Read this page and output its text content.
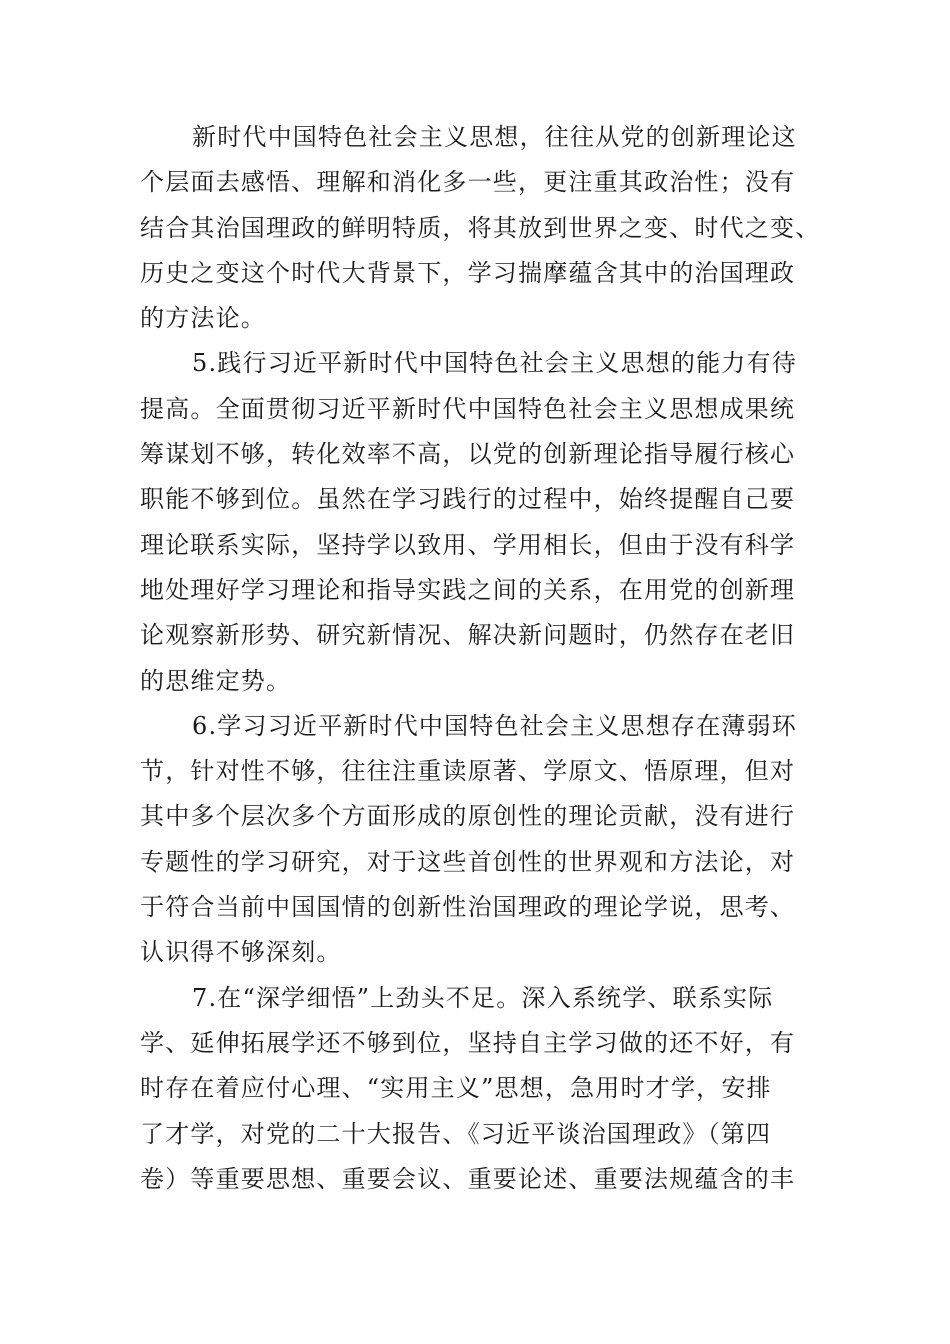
新时代中国特色社会主义思想，往往从党的创新理论这
个层面去感悟、理解和消化多一些，更注重其政治性；没有
结合其治国理政的鲜明特质，将其放到世界之变、时代之变、
历史之变这个时代大背景下，学习揣摩蕴含其中的治国理政
的方法论。
5.践行习近平新时代中国特色社会主义思想的能力有待
提高。全面贯彻习近平新时代中国特色社会主义思想成果统
筹谋划不够，转化效率不高，以党的创新理论指导履行核心
职能不够到位。虽然在学习践行的过程中，始终提醒自己要
理论联系实际，坚持学以致用、学用相长，但由于没有科学
地处理好学习理论和指导实践之间的关系，在用党的创新理
论观察新形势、研究新情况、解决新问题时，仍然存在老旧
的思维定势。
6.学习习近平新时代中国特色社会主义思想存在薄弱环
节，针对性不够，往往注重读原著、学原文、悟原理，但对
其中多个层次多个方面形成的原创性的理论贡献，没有进行
专题性的学习研究，对于这些首创性的世界观和方法论，对
于符合当前中国国情的创新性治国理政的理论学说，思考、
认识得不够深刻。
7.在“深学细悟”上劲头不足。深入系统学、联系实际
学、延伸拓展学还不够到位，坚持自主学习做的还不好，有
时存在着应付心理、“实用主义”思想，急用时才学，安排
了才学，对党的二十大报告、《习近平谈治国理政》（第四
卷）等重要思想、重要会议、重要论述、重要法规蕴含的丰
